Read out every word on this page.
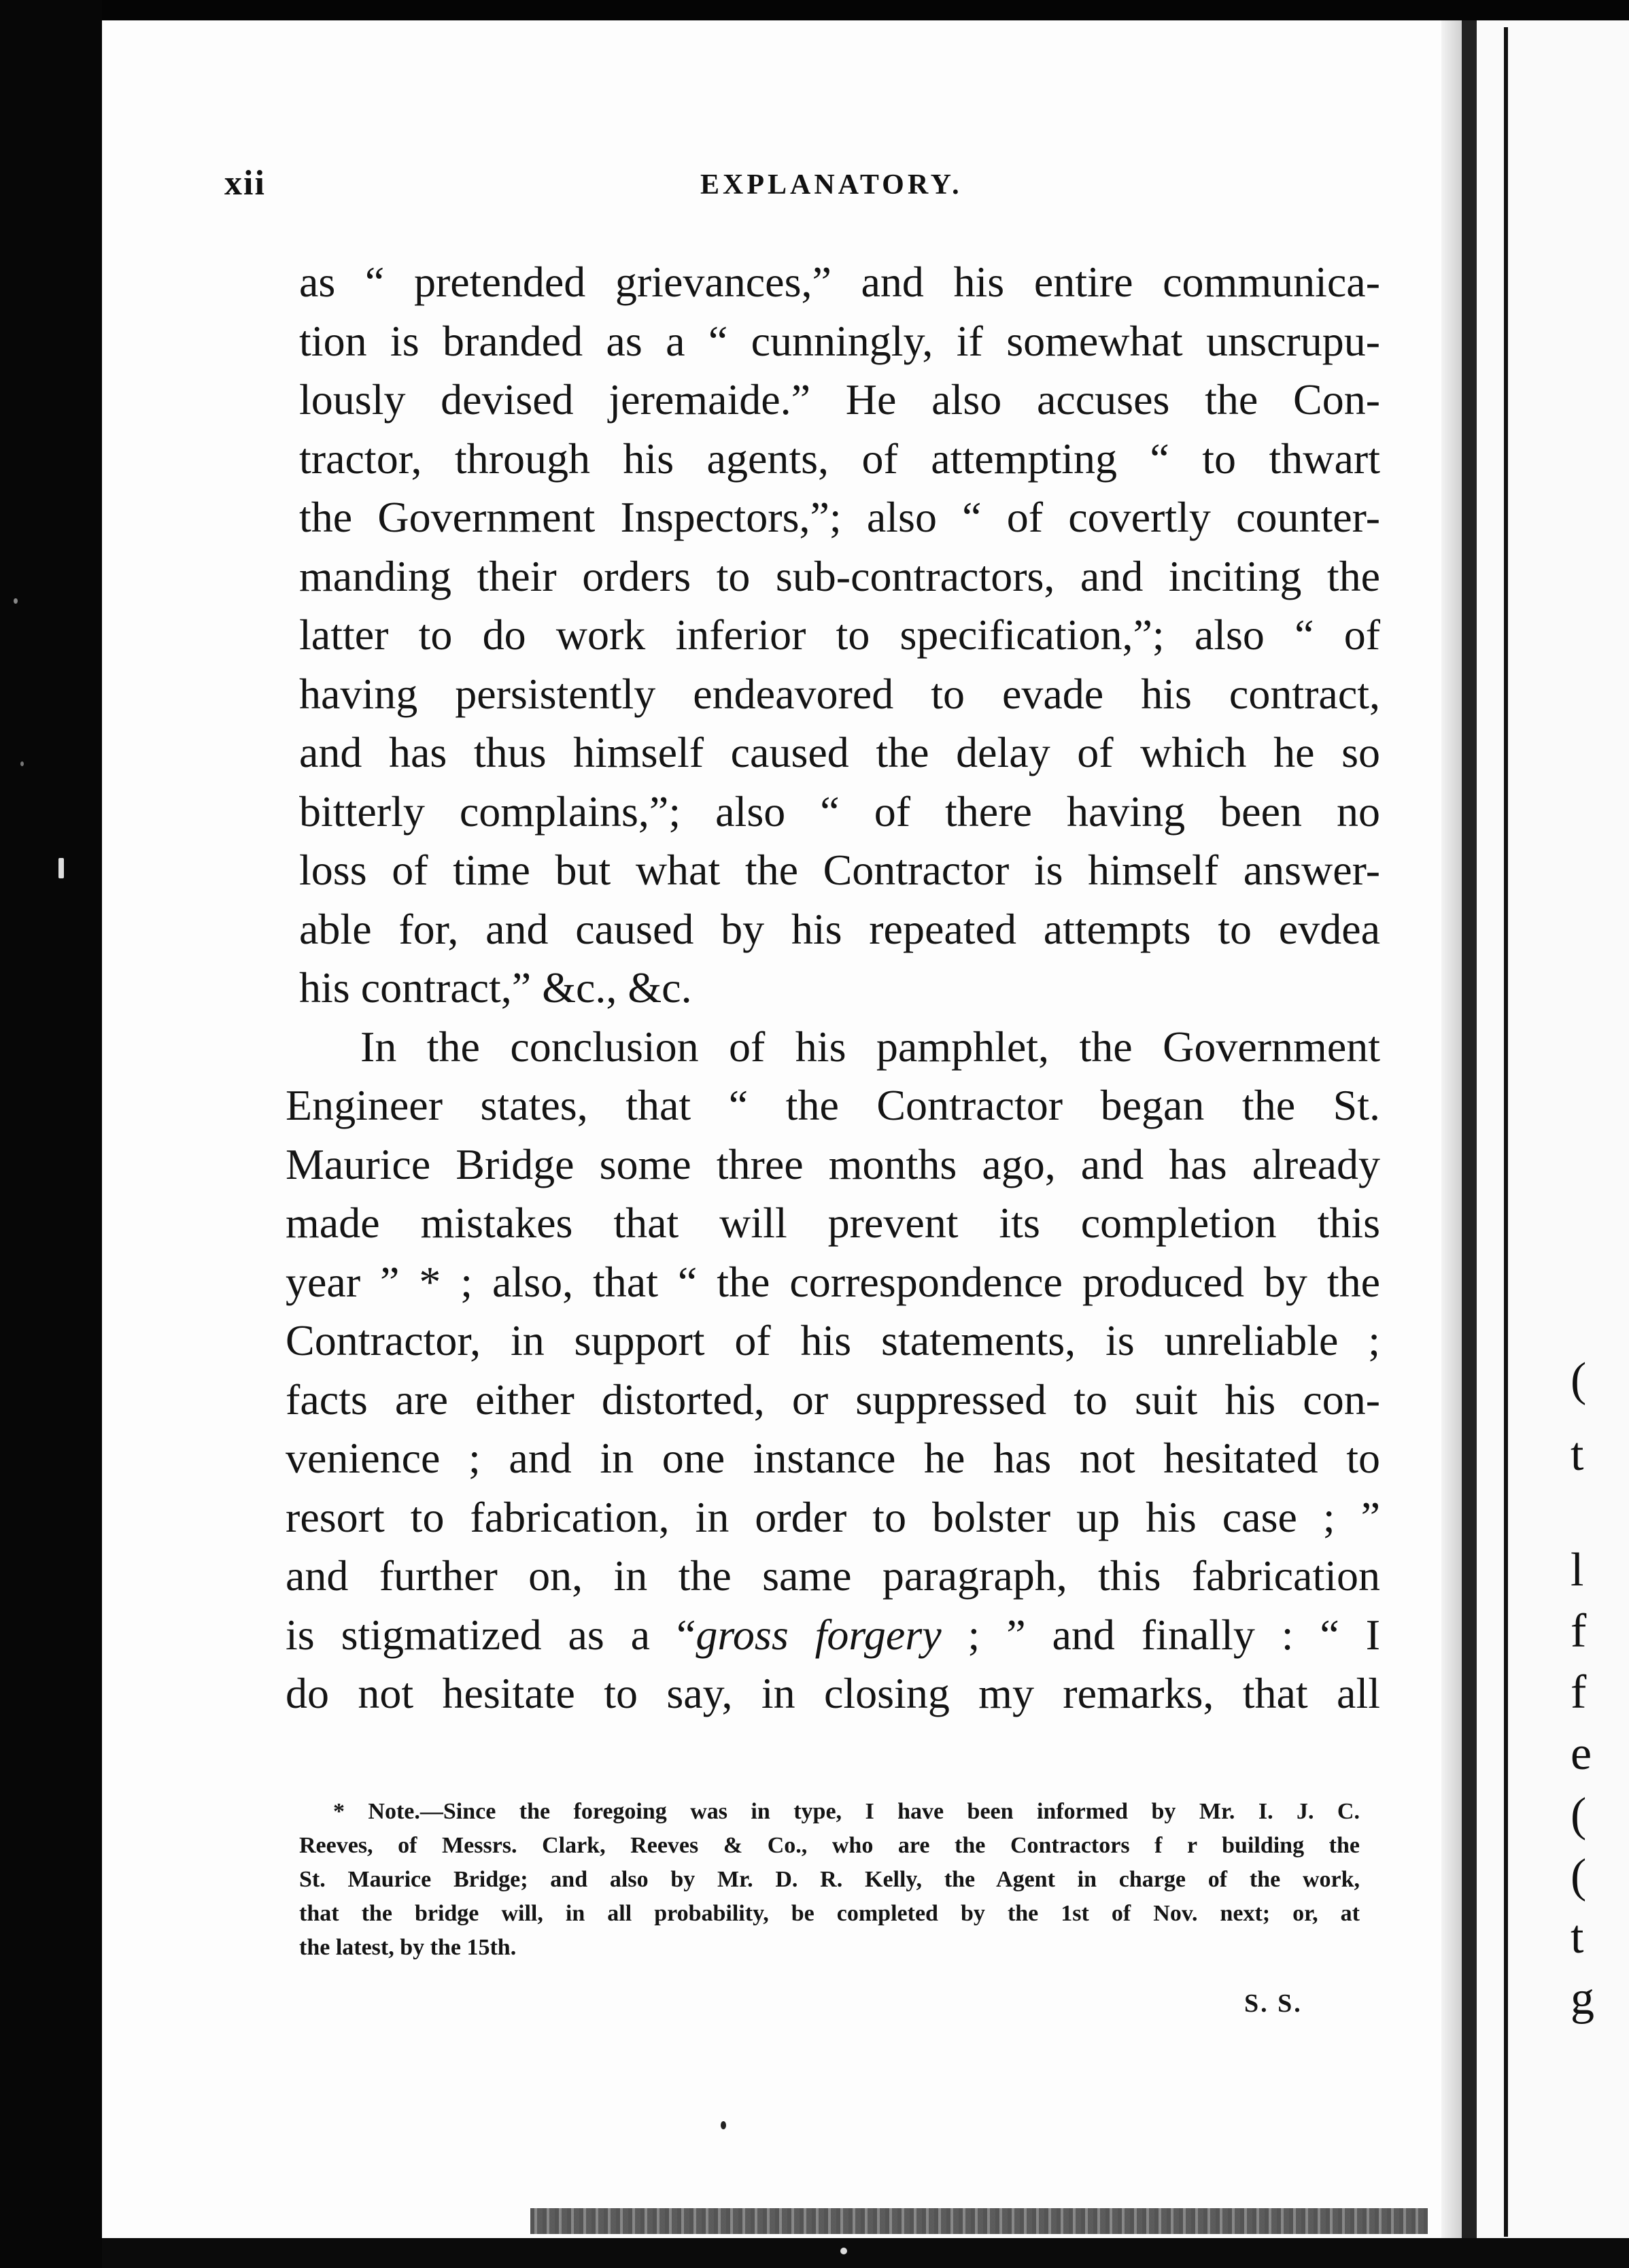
(
t
l
f
f
e
(
(
t
g
xii	EXPLANATORY.
as “ pretended grievances,” and his entire communica-
tion is branded as a “ cunningly, if somewhat unscrupu-
lously devised jeremaide.” He also accuses the Con-
tractor, through his agents, of attempting “ to thwart
the Government Inspectors,”; also “ of covertly counter-
manding their orders to sub-contractors, and inciting the
latter to do work inferior to specification,”; also “ of
having persistently endeavored to evade his contract,
and has thus himself caused the delay of which he so
bitterly complains,”; also “ of there having been no
loss of time but what the Contractor is himself answer-
able for, and caused by his repeated attempts to evdea
his contract,” &c., &c.
In the conclusion of his pamphlet, the Government
Engineer states, that “ the Contractor began the St.
Maurice Bridge some three months ago, and has already
made mistakes that will prevent its completion this
year ” * ; also, that “ the correspondence produced by the
Contractor, in support of his statements, is unreliable ;
facts are either distorted, or suppressed to suit his con-
venience ; and in one instance he has not hesitated to
resort to fabrication, in order to bolster up his case ; ”
and further on, in the same paragraph, this fabrication
is stigmatized as a “gross forgery ; ” and finally : “ I
do not hesitate to say, in closing my remarks, that all
* Note.—Since the foregoing was in type, I have been informed by Mr. I. J. C.
Reeves, of Messrs. Clark, Reeves & Co., who are the Contractors f r building the
St. Maurice Bridge; and also by Mr. D. R. Kelly, the Agent in charge of the work,
that the bridge will, in all probability, be completed by the 1st of Nov. next; or, at
the latest, by the 15th.
S. S.
